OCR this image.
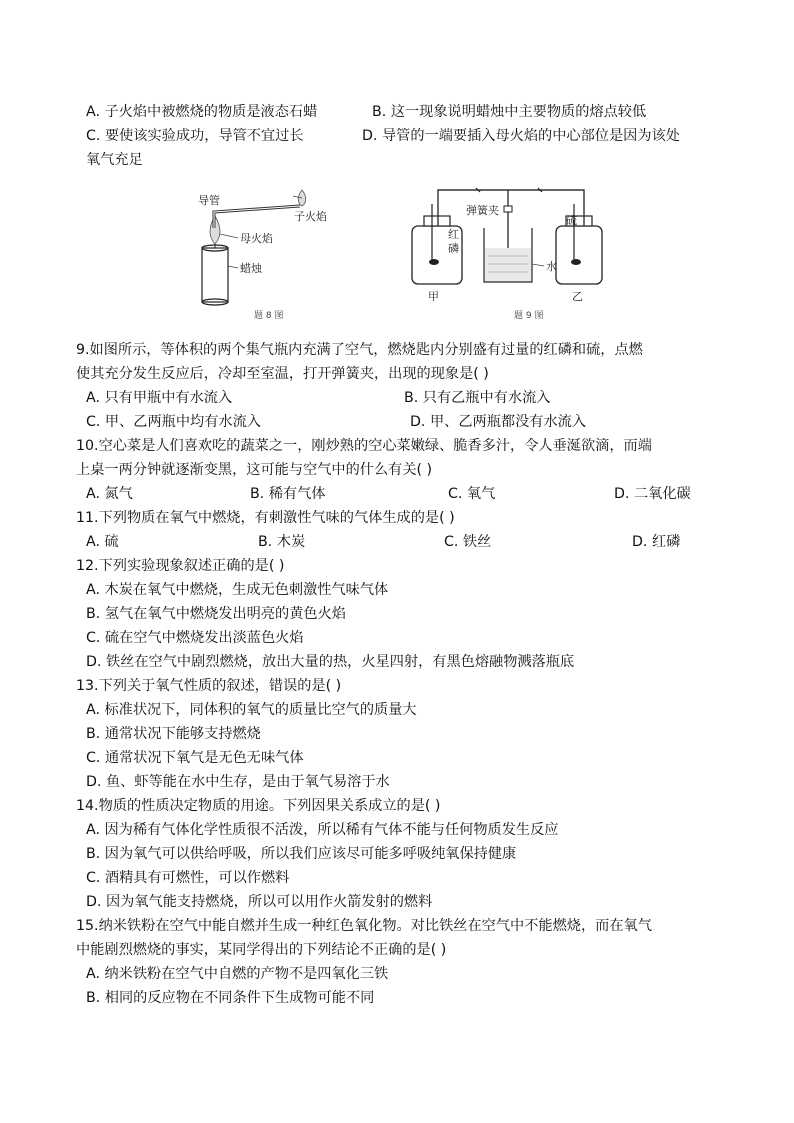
A. 子火焰中被燃烧的物质是液态石蜡	B. 这一现象说明蜡烛中主要物质的熔点较低
C. 要使该实验成功，导管不宜过长	D. 导管的一端要插入母火焰的中心部位是因为该处
氧气充足
导管
母火焰
蜡烛
子火焰
题 8 图
弹簧夹
红
磷
硫
水
甲	乙
题 9 图
9.如图所示，等体积的两个集气瓶内充满了空气，燃烧匙内分别盛有过量的红磷和硫，点燃
使其充分发生反应后，冷却至室温，打开弹簧夹，出现的现象是( )
A. 只有甲瓶中有水流入	B. 只有乙瓶中有水流入
C. 甲、乙两瓶中均有水流入	D. 甲、乙两瓶都没有水流入
10.空心菜是人们喜欢吃的蔬菜之一，刚炒熟的空心菜嫩绿、脆香多汁，令人垂涎欲滴，而端
上桌一两分钟就逐渐变黑，这可能与空气中的什么有关( )
A. 氮气	B. 稀有气体	C. 氧气	D. 二氧化碳
11.下列物质在氧气中燃烧，有刺激性气味的气体生成的是( )
A. 硫	B. 木炭	C. 铁丝	D. 红磷
12.下列实验现象叙述正确的是( )
A. 木炭在氧气中燃烧，生成无色刺激性气味气体
B. 氢气在氧气中燃烧发出明亮的黄色火焰
C. 硫在空气中燃烧发出淡蓝色火焰
D. 铁丝在空气中剧烈燃烧，放出大量的热，火星四射，有黑色熔融物溅落瓶底
13.下列关于氧气性质的叙述，错误的是( )
A. 标准状况下，同体积的氧气的质量比空气的质量大
B. 通常状况下能够支持燃烧
C. 通常状况下氧气是无色无味气体
D. 鱼、虾等能在水中生存，是由于氧气易溶于水
14.物质的性质决定物质的用途。下列因果关系成立的是( )
A. 因为稀有气体化学性质很不活泼，所以稀有气体不能与任何物质发生反应
B. 因为氧气可以供给呼吸，所以我们应该尽可能多呼吸纯氧保持健康
C. 酒精具有可燃性，可以作燃料
D. 因为氧气能支持燃烧，所以可以用作火箭发射的燃料
15.纳米铁粉在空气中能自燃并生成一种红色氧化物。对比铁丝在空气中不能燃烧，而在氧气
中能剧烈燃烧的事实，某同学得出的下列结论不正确的是( )
A. 纳米铁粉在空气中自燃的产物不是四氧化三铁
B. 相同的反应物在不同条件下生成物可能不同
